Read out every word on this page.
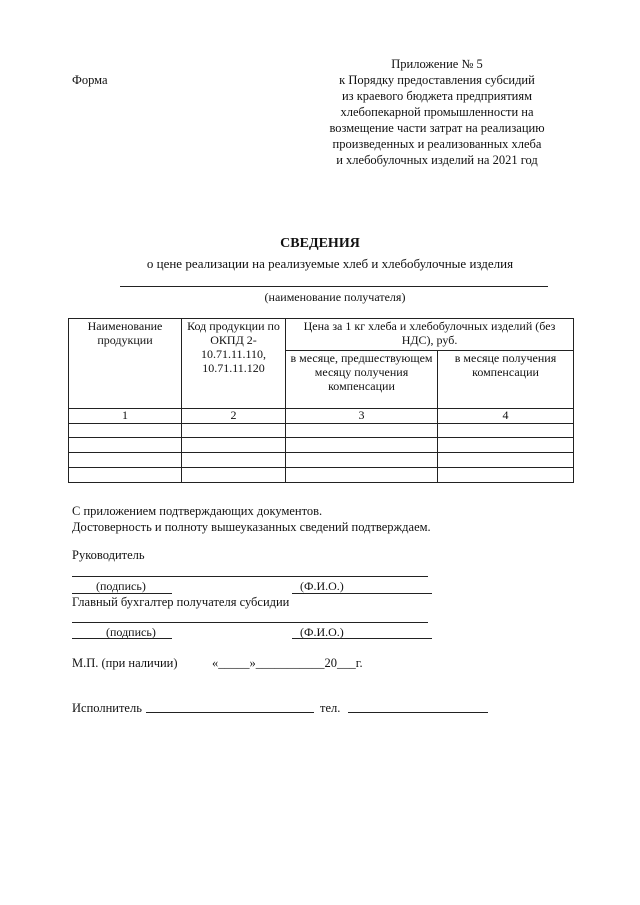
Форма
Приложение № 5
к Порядку предоставления субсидий
из краевого бюджета предприятиям
хлебопекарной промышленности на
возмещение части затрат на реализацию
произведенных и реализованных хлеба
и хлебобулочных изделий на 2021 год
СВЕДЕНИЯ
о цене реализации на реализуемые хлеб и хлебобулочные изделия
(наименование получателя)
Наименование продукции	Код продукции по ОКПД 2-10.71.11.110, 10.71.11.120	Цена за 1 кг хлеба и хлебобулочных изделий (без НДС), руб.	
		в месяце, предшествующем месяцу получения компенсации	в месяце получения компенсации
1	2	3	4

С приложением подтверждающих документов.
Достоверность и полноту вышеуказанных сведений подтверждаем.
Руководитель
(подпись)	(Ф.И.О.)
Главный бухгалтер получателя субсидии
(подпись)	(Ф.И.О.)
М.П. (при наличии)	«_____»___________20___г.
Исполнитель	тел.
